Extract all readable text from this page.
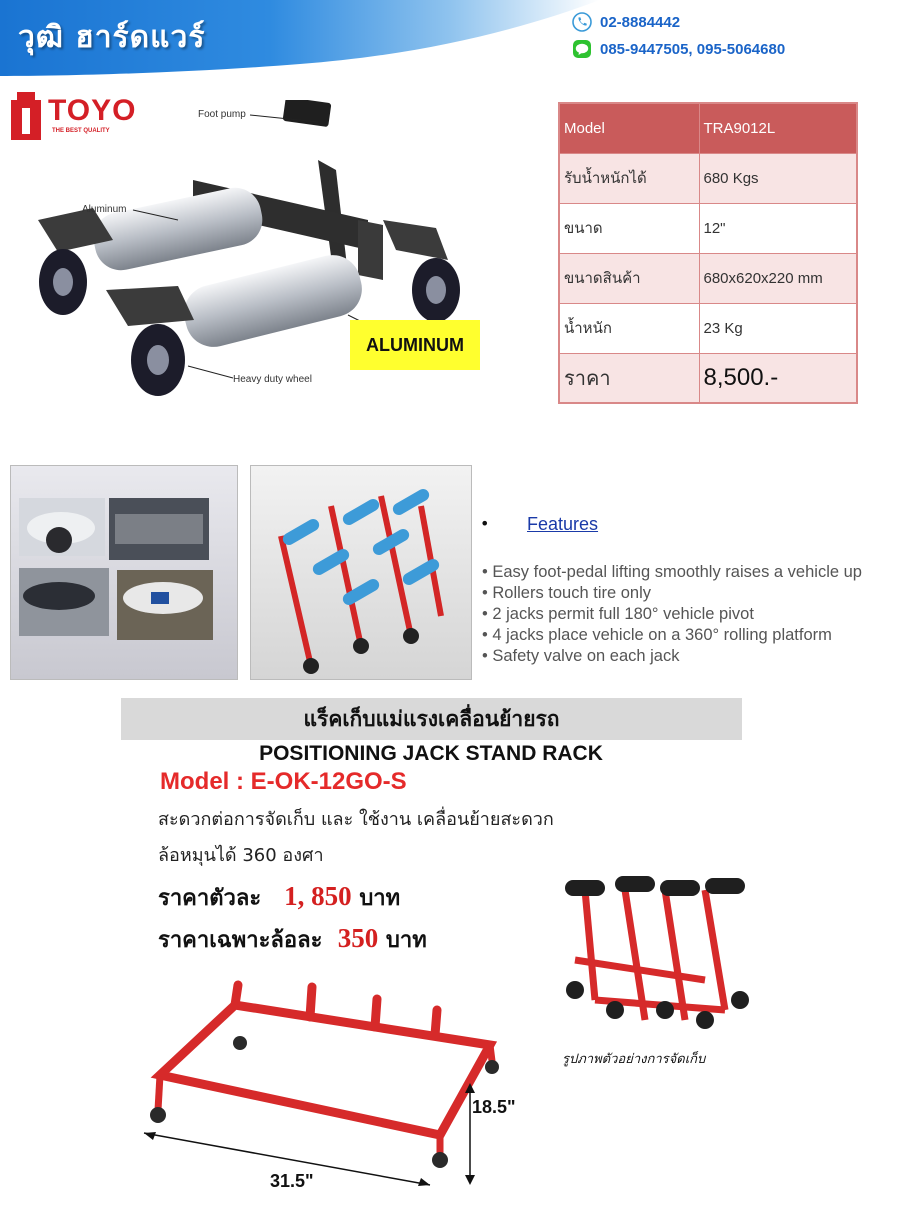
วุฒิ ฮาร์ดแวร์	02-8884442
085-9447505, 095-5064680
TOYO
THE BEST QUALITY
Foot pump
Aluminum
Heavy duty wheel
ALUMINUM
Model	TRA9012L
รับน้ำหนักได้	680 Kgs
ขนาด	12"
ขนาดสินค้า	680x620x220 mm
น้ำหนัก	23 Kg
ราคา	8,500.-
• Features
• Easy foot-pedal lifting smoothly raises a vehicle up
• Rollers touch tire only
• 2 jacks permit full 180° vehicle pivot
• 4 jacks place vehicle on a 360° rolling platform
• Safety valve on each jack
แร็คเก็บแม่แรงเคลื่อนย้ายรถ
POSITIONING JACK STAND RACK
Model : E-OK-12GO-S
สะดวกต่อการจัดเก็บ และ ใช้งาน เคลื่อนย้ายสะดวก
ล้อหมุนได้ 360 องศา
ราคาตัวละ 1, 850 บาท
ราคาเฉพาะล้อละ 350 บาท
18.5"
31.5"
รูปภาพตัวอย่างการจัดเก็บ
